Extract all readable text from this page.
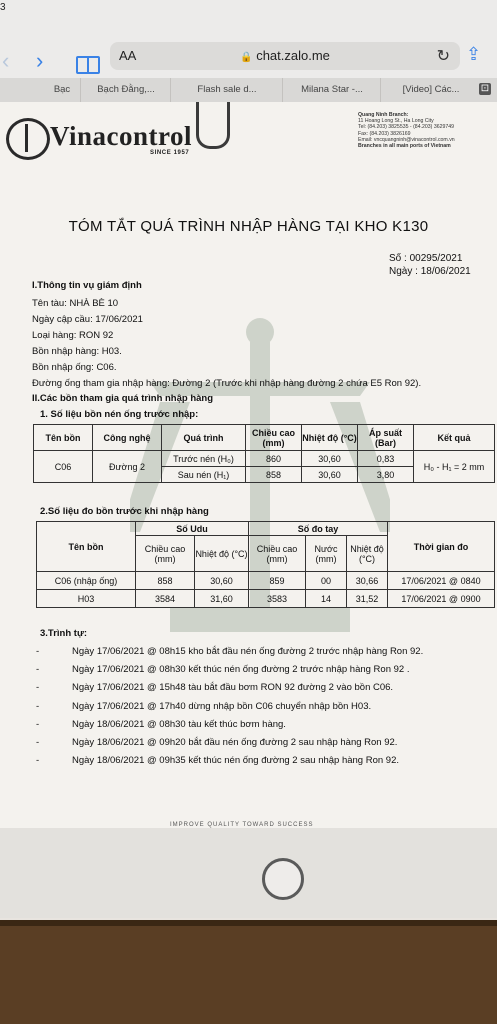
3
‹ ›	AA	🔒 chat.zalo.me	↻ ⇪
Bạc	Bạch Đằng,...	Flash sale d...	Milana Star -...	[Video] Các...	⊡
Vinacontrol
SINCE 1957
Quang Ninh Branch:
11 Hoang Long St., Ha Long City
Tel: (84.203) 3825535 - (84.203) 3629749
Fax: (84.203) 3826169
Email: vncquangninh@vinacontrol.com.vn
Branches in all main ports of Vietnam
TÓM TẮT QUÁ TRÌNH NHẬP HÀNG TẠI KHO K130
Số : 00295/2021
Ngày : 18/06/2021
I.Thông tin vụ giám định
Tên tàu: NHÀ BÈ 10
Ngày cập cầu: 17/06/2021
Loại hàng: RON 92
Bồn nhập hàng: H03.
Bồn nhập ống: C06.
Đường ống tham gia nhập hàng: Đường 2 (Trước khi nhập hàng đường 2 chứa E5 Ron 92).
II.Các bồn tham gia quá trình nhập hàng
1. Số liệu bồn nén ống trước nhập:
Tên bồn	Công nghệ	Quá trình	Chiều cao (mm)	Nhiệt độ (°C)	Áp suất (Bar)	Kết quả
C06	Đường 2	Trước nén (H₀)	860	30,60	0,83	H₀ - H₁ = 2 mm
		Sau nén (H₁)	858	30,60	3,80	
2.Số liệu đo bồn trước khi nhập hàng
Tên bồn	Số Udu		Số đo tay			Thời gian đo
	Chiều cao (mm)	Nhiệt độ (°C)	Chiều cao (mm)	Nước (mm)	Nhiệt độ (°C)	
C06 (nhập ống)	858	30,60	859	00	30,66	17/06/2021 @ 0840
H03	3584	31,60	3583	14	31,52	17/06/2021 @ 0900
3.Trình tự:
-	Ngày 17/06/2021 @ 08h15 kho bắt đầu nén ống đường 2 trước nhập hàng Ron 92.
-	Ngày 17/06/2021 @ 08h30 kết thúc nén ống đường 2 trước nhập hàng Ron 92 .
-	Ngày 17/06/2021 @ 15h48 tàu bắt đầu bơm RON 92 đường 2 vào bồn C06.
-	Ngày 17/06/2021 @ 17h40 dừng nhập bồn C06 chuyển nhập bồn H03.
-	Ngày 18/06/2021 @ 08h30 tàu kết thúc bơm hàng.
-	Ngày 18/06/2021 @ 09h20 bắt đầu nén ống đường 2 sau nhập hàng Ron 92.
-	Ngày 18/06/2021 @ 09h35 kết thúc nén ống đường 2 sau nhập hàng Ron 92.
IMPROVE QUALITY TOWARD SUCCESS
